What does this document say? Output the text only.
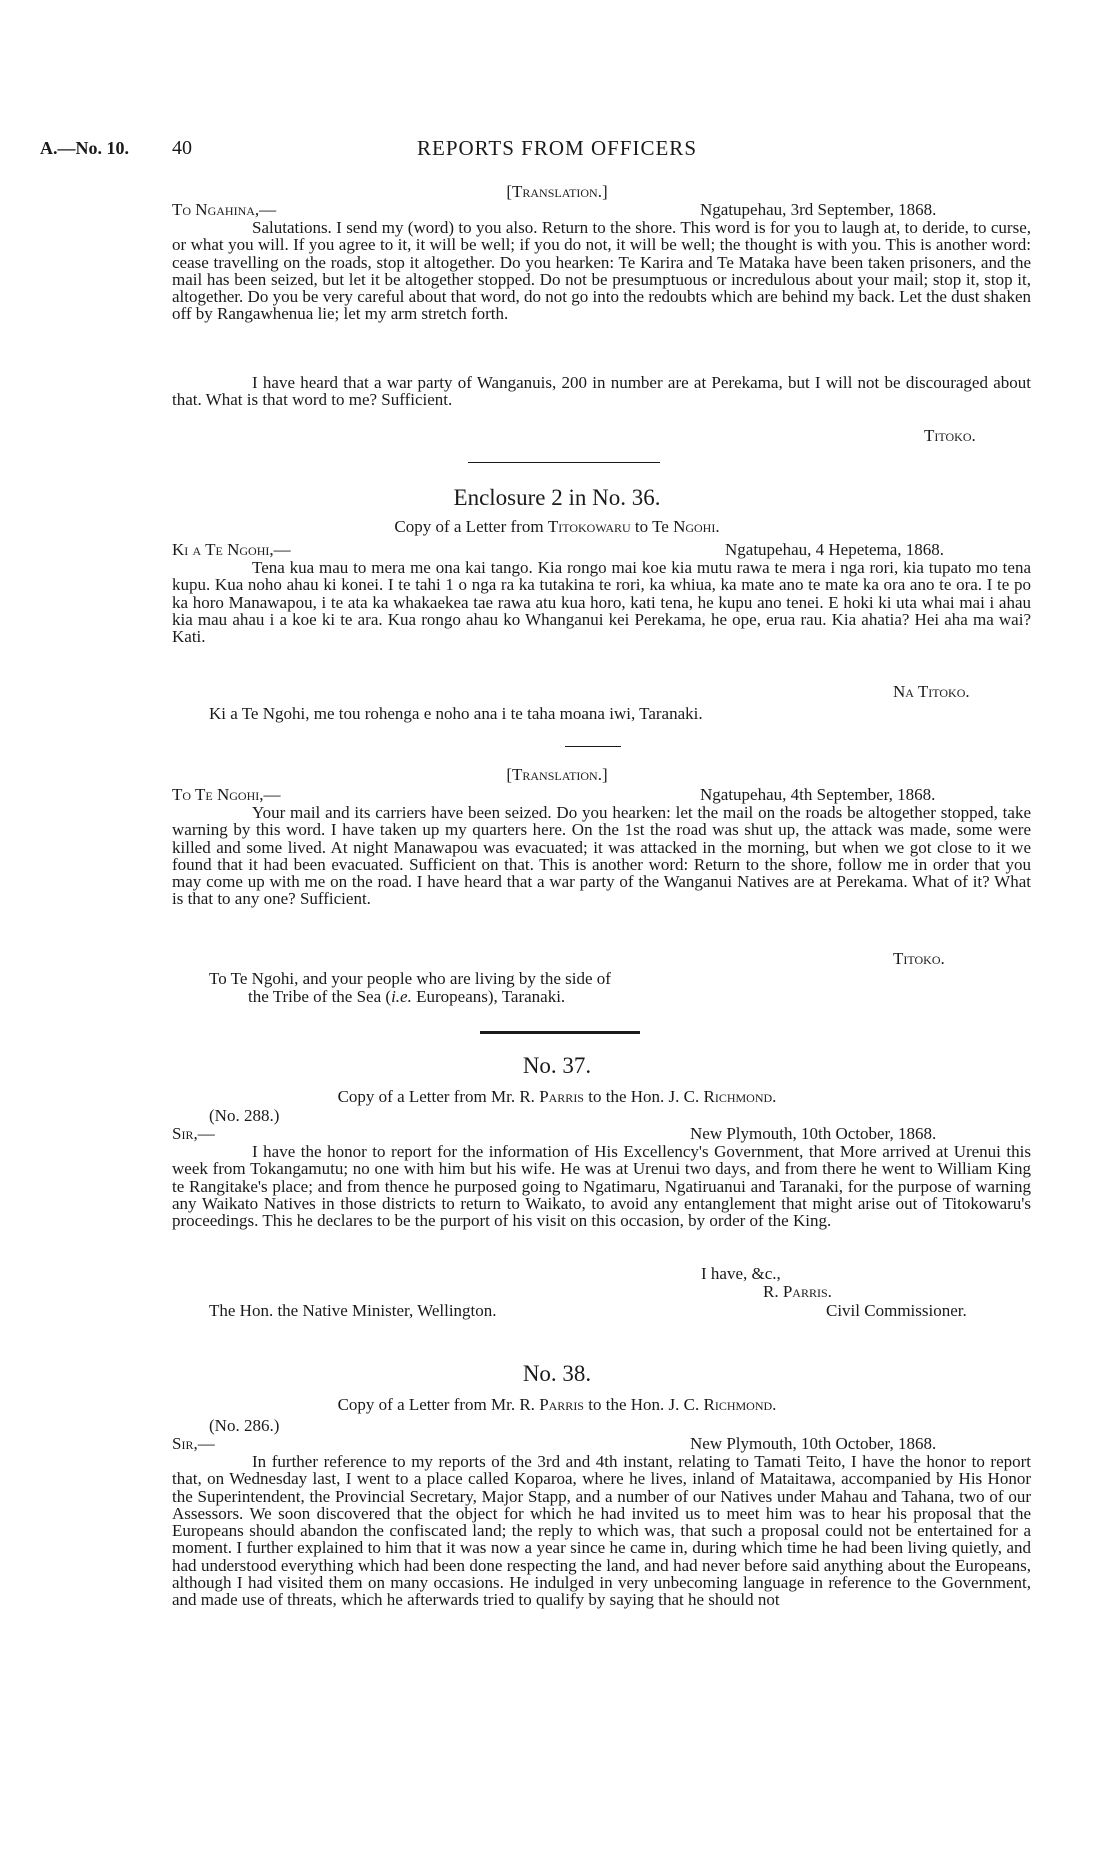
A.—No. 10. 40	REPORTS FROM OFFICERS
[Translation.]
To Ngahina,—	Ngatupehau, 3rd September, 1868.
Salutations. I send my (word) to you also. Return to the shore. This word is for you to laugh at, to deride, to curse, or what you will. If you agree to it, it will be well; if you do not, it will be well; the thought is with you. This is another word: cease travelling on the roads, stop it altogether. Do you hearken: Te Karira and Te Mataka have been taken prisoners, and the mail has been seized, but let it be altogether stopped. Do not be presumptuous or incredulous about your mail; stop it, stop it, altogether. Do you be very careful about that word, do not go into the redoubts which are behind my back. Let the dust shaken off by Rangawhenua lie; let my arm stretch forth.
I have heard that a war party of Wanganuis, 200 in number are at Perekama, but I will not be discouraged about that. What is that word to me? Sufficient.
Titoko.
Enclosure 2 in No. 36.
Copy of a Letter from Titokowaru to Te Ngohi.
Ki a Te Ngohi,—	Ngatupehau, 4 Hepetema, 1868.
Tena kua mau to mera me ona kai tango. Kia rongo mai koe kia mutu rawa te mera i nga rori, kia tupato mo tena kupu. Kua noho ahau ki konei. I te tahi 1 o nga ra ka tutakina te rori, ka whiua, ka mate ano te mate ka ora ano te ora. I te po ka horo Manawapou, i te ata ka whakaekea tae rawa atu kua horo, kati tena, he kupu ano tenei. E hoki ki uta whai mai i ahau kia mau ahau i a koe ki te ara. Kua rongo ahau ko Whanganui kei Perekama, he ope, erua rau. Kia ahatia? Hei aha ma wai? Kati.
Na Titoko.
Ki a Te Ngohi, me tou rohenga e noho ana i te taha moana iwi, Taranaki.
[Translation.]
To Te Ngohi,—	Ngatupehau, 4th September, 1868.
Your mail and its carriers have been seized. Do you hearken: let the mail on the roads be altogether stopped, take warning by this word. I have taken up my quarters here. On the 1st the road was shut up, the attack was made, some were killed and some lived. At night Manawapou was evacuated; it was attacked in the morning, but when we got close to it we found that it had been evacuated. Sufficient on that. This is another word: Return to the shore, follow me in order that you may come up with me on the road. I have heard that a war party of the Wanganui Natives are at Perekama. What of it? What is that to any one? Sufficient.
Titoko.
To Te Ngohi, and your people who are living by the side of
the Tribe of the Sea (i.e. Europeans), Taranaki.
No. 37.
Copy of a Letter from Mr. R. Parris to the Hon. J. C. Richmond.
(No. 288.)
Sir,—	New Plymouth, 10th October, 1868.
I have the honor to report for the information of His Excellency's Government, that More arrived at Urenui this week from Tokangamutu; no one with him but his wife. He was at Urenui two days, and from there he went to William King te Rangitake's place; and from thence he purposed going to Ngatimaru, Ngatiruanui and Taranaki, for the purpose of warning any Waikato Natives in those districts to return to Waikato, to avoid any entanglement that might arise out of Titokowaru's proceedings. This he declares to be the purport of his visit on this occasion, by order of the King.
I have, &c.,
R. Parris.
The Hon. the Native Minister, Wellington.	Civil Commissioner.
No. 38.
Copy of a Letter from Mr. R. Parris to the Hon. J. C. Richmond.
(No. 286.)
Sir,—	New Plymouth, 10th October, 1868.
In further reference to my reports of the 3rd and 4th instant, relating to Tamati Teito, I have the honor to report that, on Wednesday last, I went to a place called Koparoa, where he lives, inland of Mataitawa, accompanied by His Honor the Superintendent, the Provincial Secretary, Major Stapp, and a number of our Natives under Mahau and Tahana, two of our Assessors. We soon discovered that the object for which he had invited us to meet him was to hear his proposal that the Europeans should abandon the confiscated land; the reply to which was, that such a proposal could not be entertained for a moment. I further explained to him that it was now a year since he came in, during which time he had been living quietly, and had understood everything which had been done respecting the land, and had never before said anything about the Europeans, although I had visited them on many occasions. He indulged in very unbecoming language in reference to the Government, and made use of threats, which he afterwards tried to qualify by saying that he should not
